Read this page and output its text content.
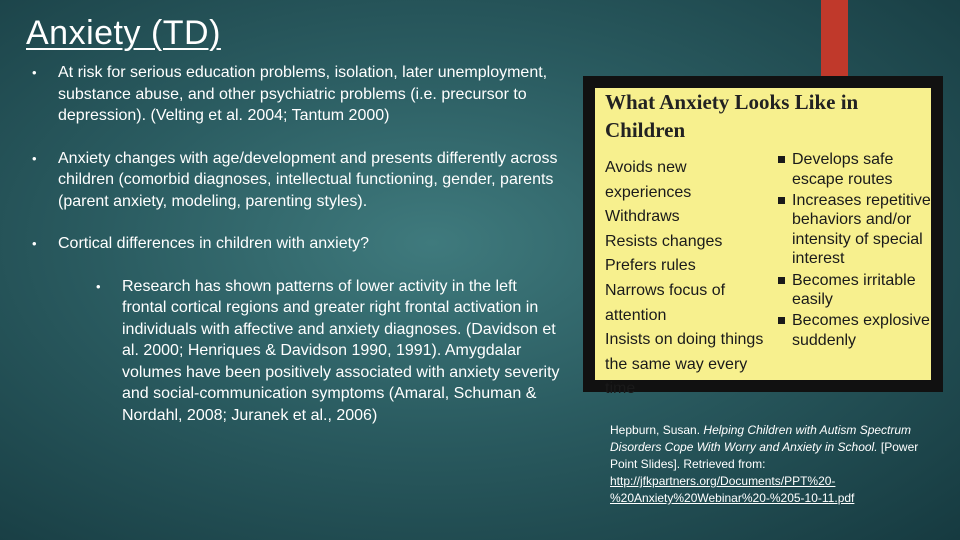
Anxiety (TD)
• At risk for serious education problems, isolation, later unemployment, substance abuse, and other psychiatric problems (i.e. precursor to depression). (Velting et al. 2004; Tantum 2000)
• Anxiety changes with age/development and presents differently across children (comorbid diagnoses, intellectual functioning, gender, parents (parent anxiety, modeling, parenting styles).
• Cortical differences in children with anxiety?
• Research has shown patterns of lower activity in the left frontal cortical regions and greater right frontal activation in individuals with affective and anxiety diagnoses. (Davidson et al. 2000; Henriques & Davidson 1990, 1991). Amygdalar volumes have been positively associated with anxiety severity and social-communication symptoms (Amaral, Schuman & Nordahl, 2008; Juranek et al., 2006)
What Anxiety Looks Like in Children
Avoids new
experiences
Withdraws
Resists changes
Prefers rules
Narrows focus of
attention
Insists on doing things
the same way every
time
Develops safe escape routes
Increases repetitive behaviors and/or intensity of special interest
Becomes irritable easily
Becomes explosive suddenly
Hepburn, Susan. Helping Children with Autism Spectrum Disorders Cope With Worry and Anxiety in School. [Power Point Slides]. Retrieved from: http://jfkpartners.org/Documents/PPT%20-%20Anxiety%20Webinar%20-%205-10-11.pdf
